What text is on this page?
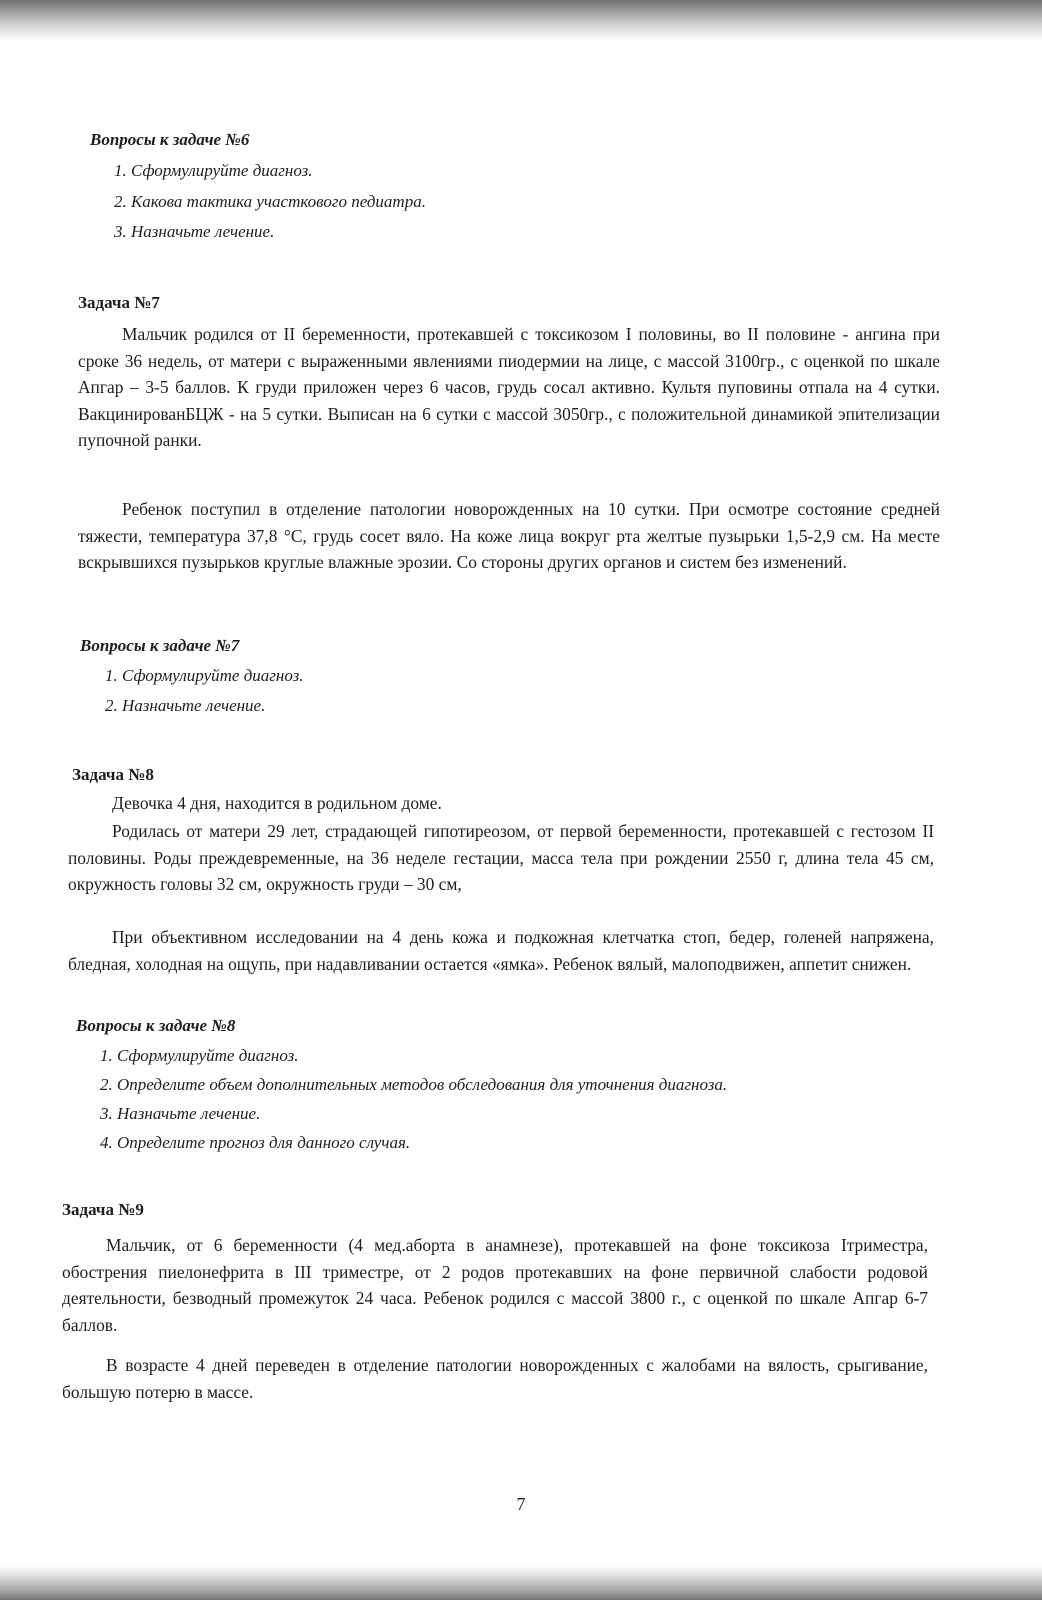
Вопросы к задаче №6
1. Сформулируйте диагноз.
2. Какова тактика участкового педиатра.
3. Назначьте лечение.
Задача №7
Мальчик родился от II беременности, протекавшей с токсикозом I половины, во II половине - ангина при сроке 36 недель, от матери с выраженными явлениями пиодермии на лице, с массой 3100гр., с оценкой по шкале Апгар – 3-5 баллов. К груди приложен через 6 часов, грудь сосал активно. Культя пуповины отпала на 4 сутки. ВакцинированБЦЖ - на 5 сутки. Выписан на 6 сутки с массой 3050гр., с положительной динамикой эпителизации пупочной ранки.
Ребенок поступил в отделение патологии новорожденных на 10 сутки. При осмотре состояние средней тяжести, температура 37,8 °С, грудь сосет вяло. На коже лица вокруг рта желтые пузырьки 1,5-2,9 см. На месте вскрывшихся пузырьков круглые влажные эрозии. Со стороны других органов и систем без изменений.
Вопросы к задаче №7
1. Сформулируйте диагноз.
2. Назначьте лечение.
Задача №8
Девочка 4 дня, находится в родильном доме.
Родилась от матери 29 лет, страдающей гипотиреозом, от первой беременности, протекавшей с гестозом II половины. Роды преждевременные, на 36 неделе гестации, масса тела при рождении 2550 г, длина тела 45 см, окружность головы 32 см, окружность груди – 30 см,
При объективном исследовании на 4 день кожа и подкожная клетчатка стоп, бедер, голеней напряжена, бледная, холодная на ощупь, при надавливании остается «ямка». Ребенок вялый, малоподвижен, аппетит снижен.
Вопросы к задаче №8
1. Сформулируйте диагноз.
2. Определите объем дополнительных методов обследования для уточнения диагноза.
3. Назначьте лечение.
4. Определите прогноз для данного случая.
Задача №9
Мальчик, от 6 беременности (4 мед.аборта в анамнезе), протекавшей на фоне токсикоза Iтриместра, обострения пиелонефрита в III триместре, от 2 родов протекавших на фоне первичной слабости родовой деятельности, безводный промежуток 24 часа. Ребенок родился с массой 3800 г., с оценкой по шкале Апгар 6-7 баллов.
В возрасте 4 дней переведен в отделение патологии новорожденных с жалобами на вялость, срыгивание, большую потерю в массе.
7
